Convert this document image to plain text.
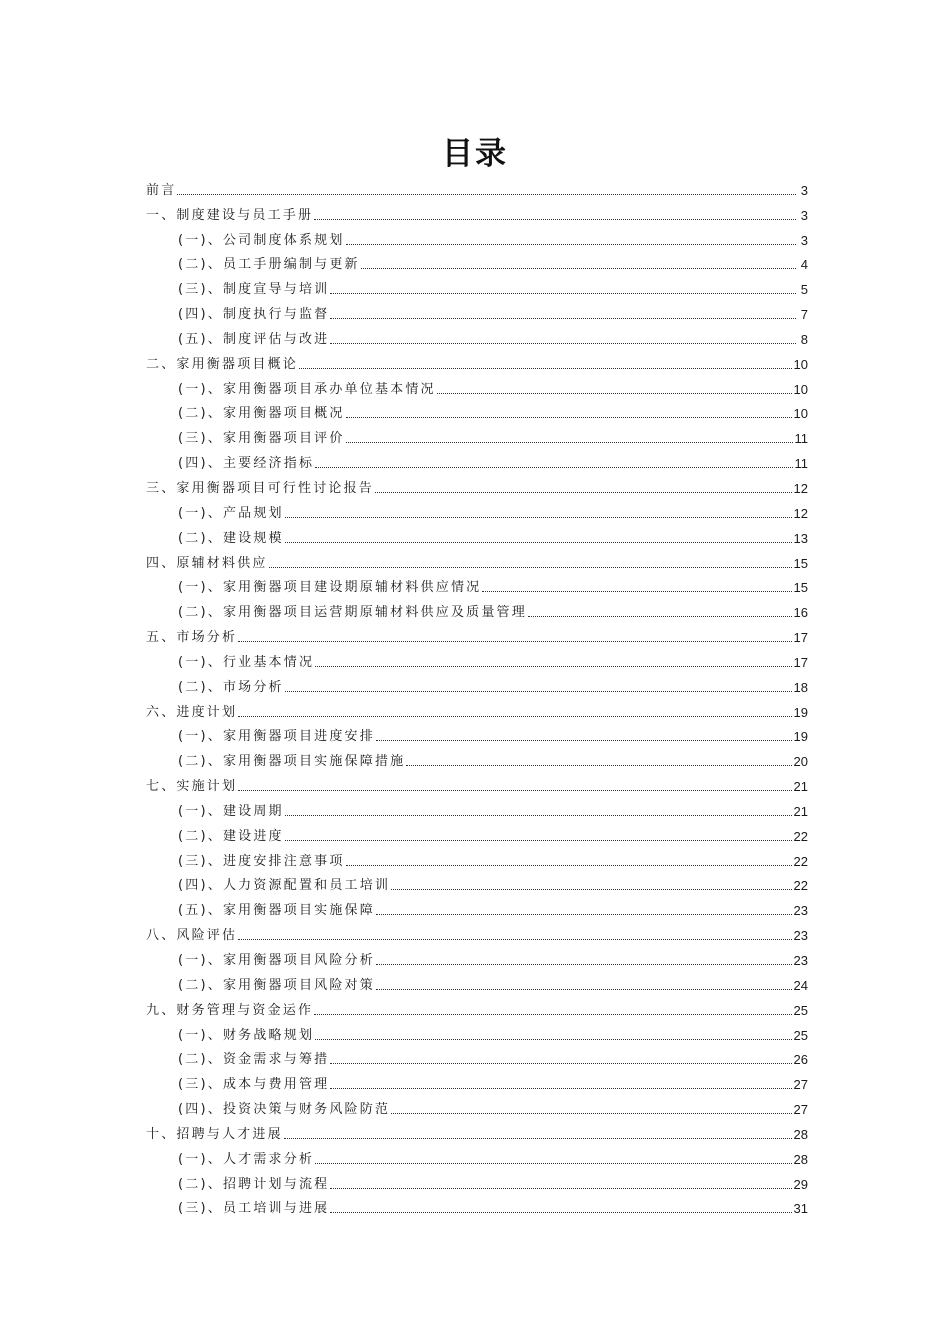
目录
前言	3
一、制度建设与员工手册	3
(一)、公司制度体系规划	3
(二)、员工手册编制与更新	4
(三)、制度宣导与培训	5
(四)、制度执行与监督	7
(五)、制度评估与改进	8
二、家用衡器项目概论	10
(一)、家用衡器项目承办单位基本情况	10
(二)、家用衡器项目概况	10
(三)、家用衡器项目评价	11
(四)、主要经济指标	11
三、家用衡器项目可行性讨论报告	12
(一)、产品规划	12
(二)、建设规模	13
四、原辅材料供应	15
(一)、家用衡器项目建设期原辅材料供应情况	15
(二)、家用衡器项目运营期原辅材料供应及质量管理	16
五、市场分析	17
(一)、行业基本情况	17
(二)、市场分析	18
六、进度计划	19
(一)、家用衡器项目进度安排	19
(二)、家用衡器项目实施保障措施	20
七、实施计划	21
(一)、建设周期	21
(二)、建设进度	22
(三)、进度安排注意事项	22
(四)、人力资源配置和员工培训	22
(五)、家用衡器项目实施保障	23
八、风险评估	23
(一)、家用衡器项目风险分析	23
(二)、家用衡器项目风险对策	24
九、财务管理与资金运作	25
(一)、财务战略规划	25
(二)、资金需求与筹措	26
(三)、成本与费用管理	27
(四)、投资决策与财务风险防范	27
十、招聘与人才进展	28
(一)、人才需求分析	28
(二)、招聘计划与流程	29
(三)、员工培训与进展	31
